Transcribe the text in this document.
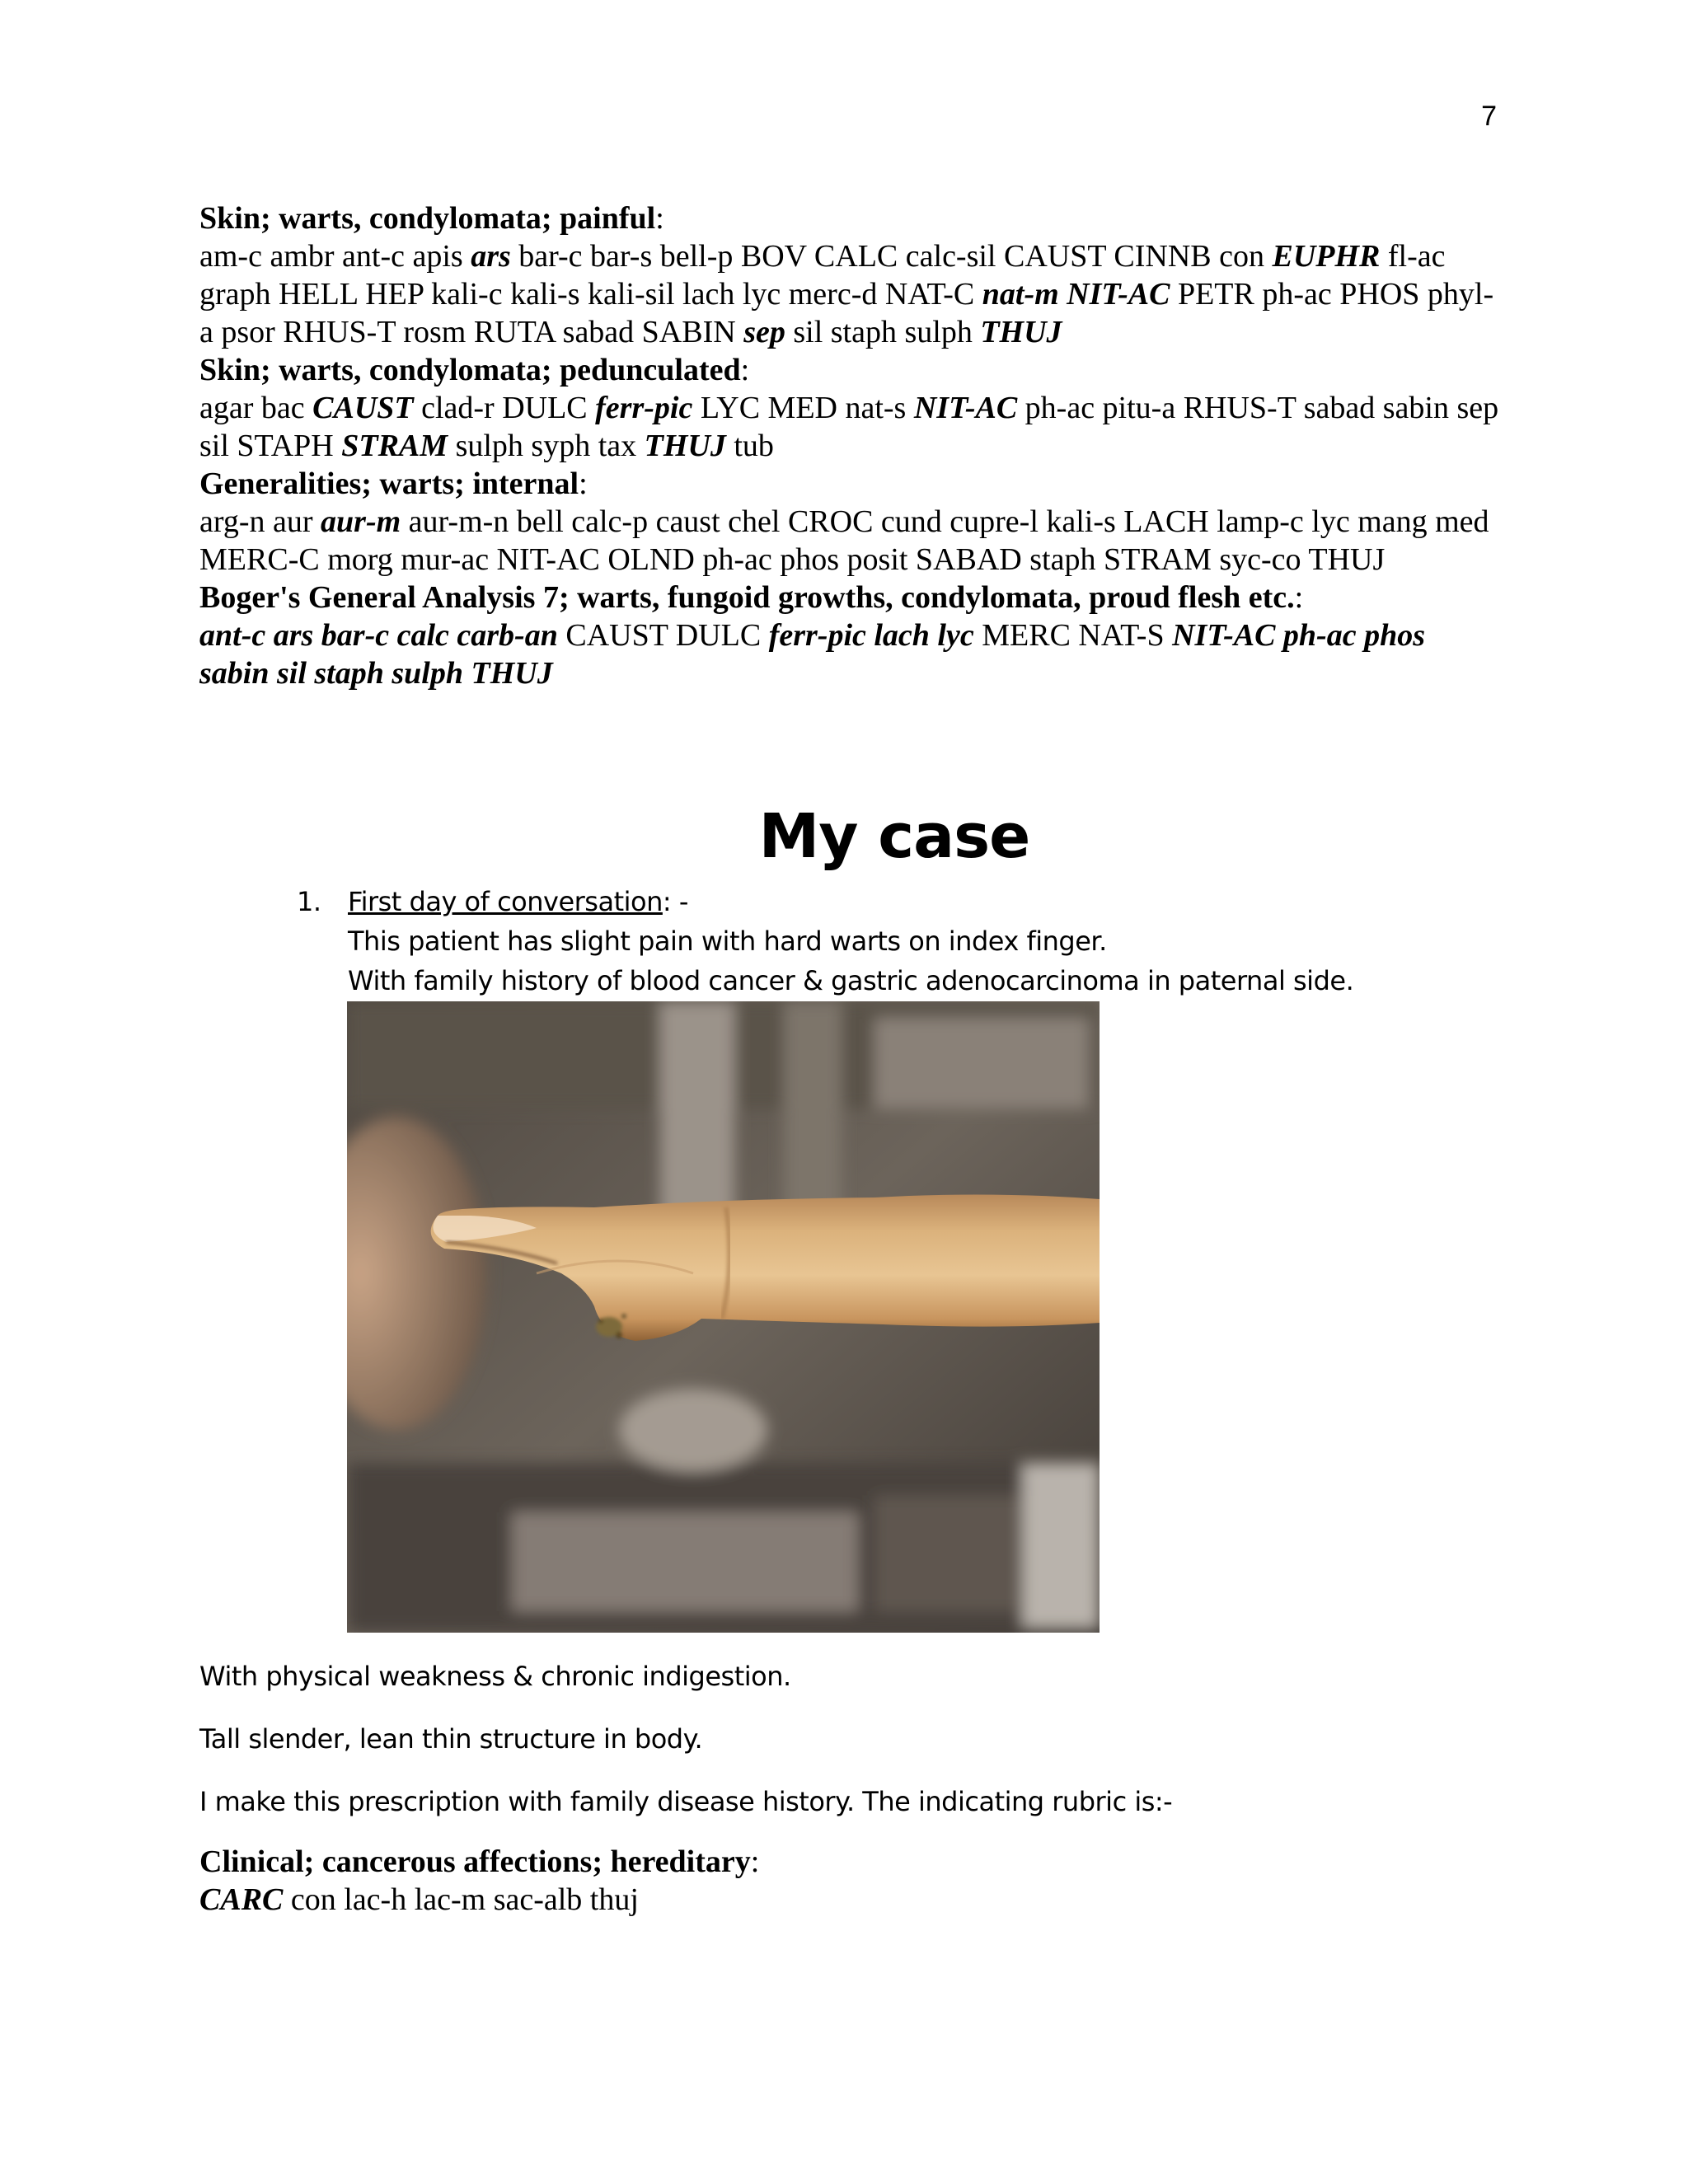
7

Skin; warts, condylomata; painful:

am-c ambr ant-c apis ars bar-c bar-s bell-p BOV CALC calc-sil CAUST CINNB con EUPHR fl-ac graph HELL HEP kali-c kali-s kali-sil lach lyc merc-d NAT-C nat-m NIT-AC PETR ph-ac PHOS phyl-a psor RHUS-T rosm RUTA sabad SABIN sep sil staph sulph THUJ

Skin; warts, condylomata; pedunculated:

agar bac CAUST clad-r DULC ferr-pic LYC MED nat-s NIT-AC ph-ac pitu-a RHUS-T sabad sabin sep sil STAPH STRAM sulph syph tax THUJ tub

Generalities; warts; internal:

arg-n aur aur-m aur-m-n bell calc-p caust chel CROC cund cupre-l kali-s LACH lamp-c lyc mang med MERC-C morg mur-ac NIT-AC OLND ph-ac phos posit SABAD staph STRAM syc-co THUJ

Boger's General Analysis 7; warts, fungoid growths, condylomata, proud flesh etc.:

ant-c ars bar-c calc carb-an CAUST DULC ferr-pic lach lyc MERC NAT-S NIT-AC ph-ac phos sabin sil staph sulph THUJ

My case
1. First day of conversation: -
This patient has slight pain with hard warts on index finger.
With family history of blood cancer & gastric adenocarcinoma in paternal side.

With physical weakness & chronic indigestion.

Tall slender, lean thin structure in body.

I make this prescription with family disease history. The indicating rubric is:-

Clinical; cancerous affections; hereditary:

CARC con lac-h lac-m sac-alb thuj
